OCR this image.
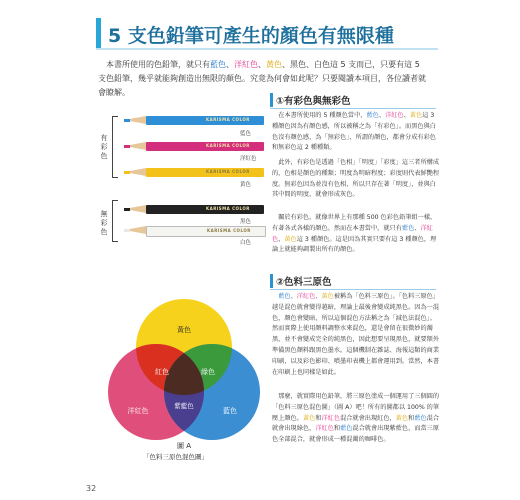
5 支色鉛筆可產生的顏色有無限種
 本書所使用的色鉛筆，就只有藍色、洋紅色、黃色、黑色、白色這 5 支而已，只要有這 5 支色鉛筆，幾乎就能夠創造出無限的顏色。究竟為何會如此呢？只要閱讀本項目，各位讀者就會瞭解。
有彩色
無彩色
KARISMA COLOR
藍色
KARISMA COLOR
洋紅色
KARISMA COLOR
黃色
KARISMA COLOR
黑色
KARISMA COLOR
白色
①有彩色與無彩色
在本書所使用的 5 種顏色當中，藍色、洋紅色、黃色這 3 種顏色因為有顏色感，所以被稱之為「有彩色」。而黑色與白色沒有顏色感，為「無彩色」，所謂的顏色，都會分成有彩色和無彩色這 2 種種類。
此外，有彩色是透過「色相」「明度」「彩度」這三者所構成的，色相是顏色的種類；明度為明暗程度；彩度則代表鮮艷程度。無彩色因為並沒有色相，所以只存在著「明度」，並與白其中間的明度，就會形成灰色。
關於有彩色，就像世界上有那種 500 色彩色鉛筆組一樣，有著各式各樣的顏色。然而在本書當中，就只有藍色、洋紅色、黃色這 3 種顏色。這是因為其實只要有這 3 種顏色，理論上就能夠調製出所有的顏色。
②色料三原色
藍色、洋紅色、黃色被稱為「色料三原色」。「色料三原色」越是混色就會變得越暗，理論上最後會變成純黑色。因為一混色，顏色會變暗，所以這個混色方法稱之為「減色法混色」。然而實際上使用顏料調整水來混色，還是會留在很微妙的濁黑，並不會變成完全的純黑色，因此想要呈現黑色，就要額外準備黑色顏料跟黑色墨水。這個機制在雜誌、海報這類的商業印刷，以及彩色影印、噴墨印表機上都會運用到。當然，本書在印刷上也同樣是如此。
那麼，就實際用色鉛筆，將三原色塗成一個運用了三個圓的「色料三原色混色圖」（圖 A）吧！所有的圖都以 100% 的筆壓上顏色。黃色和洋紅色混合就會出現紅色，黃色和藍色混合就會出現綠色，洋紅色和藍色混合就會出現紫藍色，而當三原色全部混合，就會形成一種混濁的咖啡色。
黃色
紅色	綠色
紫藍色
洋紅色	藍色
圖 A
「色料三原色混色圖」
32
